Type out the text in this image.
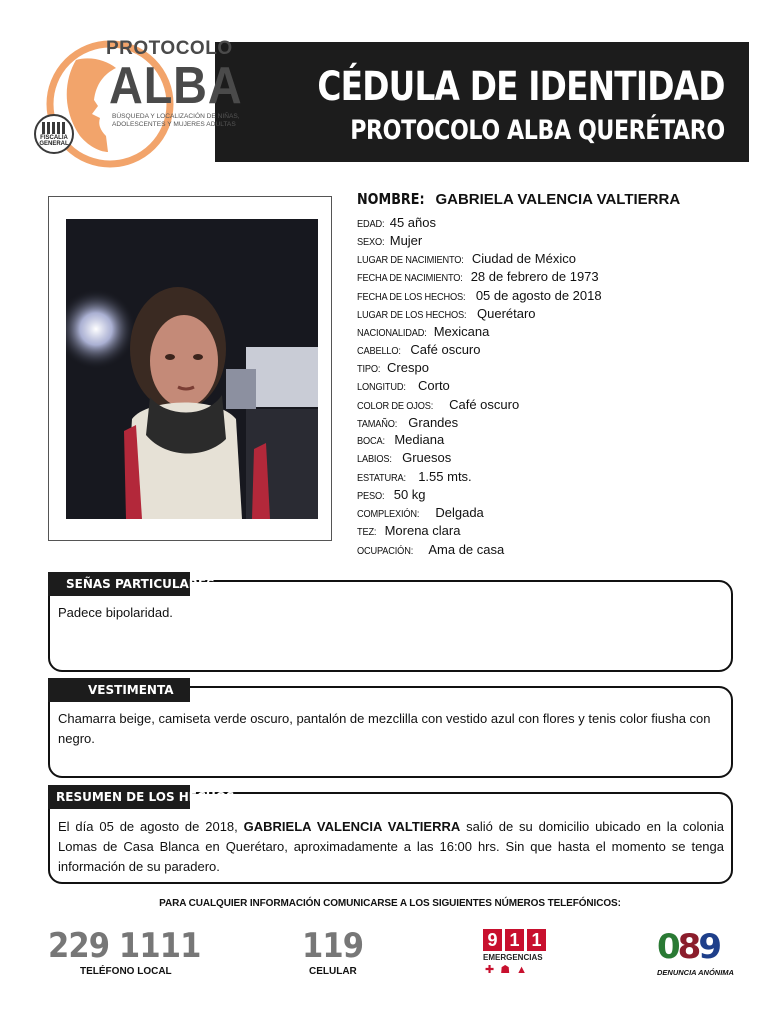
CÉDULA DE IDENTIDAD
PROTOCOLO ALBA QUERÉTARO
FISCALÍA
GENERAL
PROTOCOLO
ALBA
BÚSQUEDA Y LOCALIZACIÓN DE NIÑAS, ADOLESCENTES Y MUJERES ADULTAS
NOMBRE: GABRIELA VALENCIA VALTIERRA
EDAD: 45 años
SEXO: Mujer
LUGAR DE NACIMIENTO: Ciudad de México
FECHA DE NACIMIENTO: 28 de febrero de 1973
FECHA DE LOS HECHOS: 05 de agosto de 2018
LUGAR DE LOS HECHOS: Querétaro
NACIONALIDAD: Mexicana
CABELLO: Café oscuro
TIPO: Crespo
LONGITUD: Corto
COLOR DE OJOS: Café oscuro
TAMAÑO: Grandes
BOCA: Mediana
LABIOS: Gruesos
ESTATURA: 1.55 mts.
PESO: 50 kg
COMPLEXIÓN: Delgada
TEZ: Morena clara
OCUPACIÓN: Ama de casa
SEÑAS PARTICULARES
Padece bipolaridad.
VESTIMENTA
Chamarra beige, camiseta verde oscuro, pantalón de mezclilla con vestido azul con flores y tenis color fiusha con negro.
RESUMEN DE LOS HECHOS
El día 05 de agosto de 2018, GABRIELA VALENCIA VALTIERRA salió de su domicilio ubicado en la colonia Lomas de Casa Blanca en Querétaro, aproximadamente a las 16:00 hrs. Sin que hasta el momento se tenga información de su paradero.
PARA CUALQUIER INFORMACIÓN COMUNICARSE A LOS SIGUIENTES NÚMEROS TELEFÓNICOS:
229 1111
TELÉFONO LOCAL
119
CELULAR
9 1 1
EMERGENCIAS
✚☗▲
089
DENUNCIA ANÓNIMA
